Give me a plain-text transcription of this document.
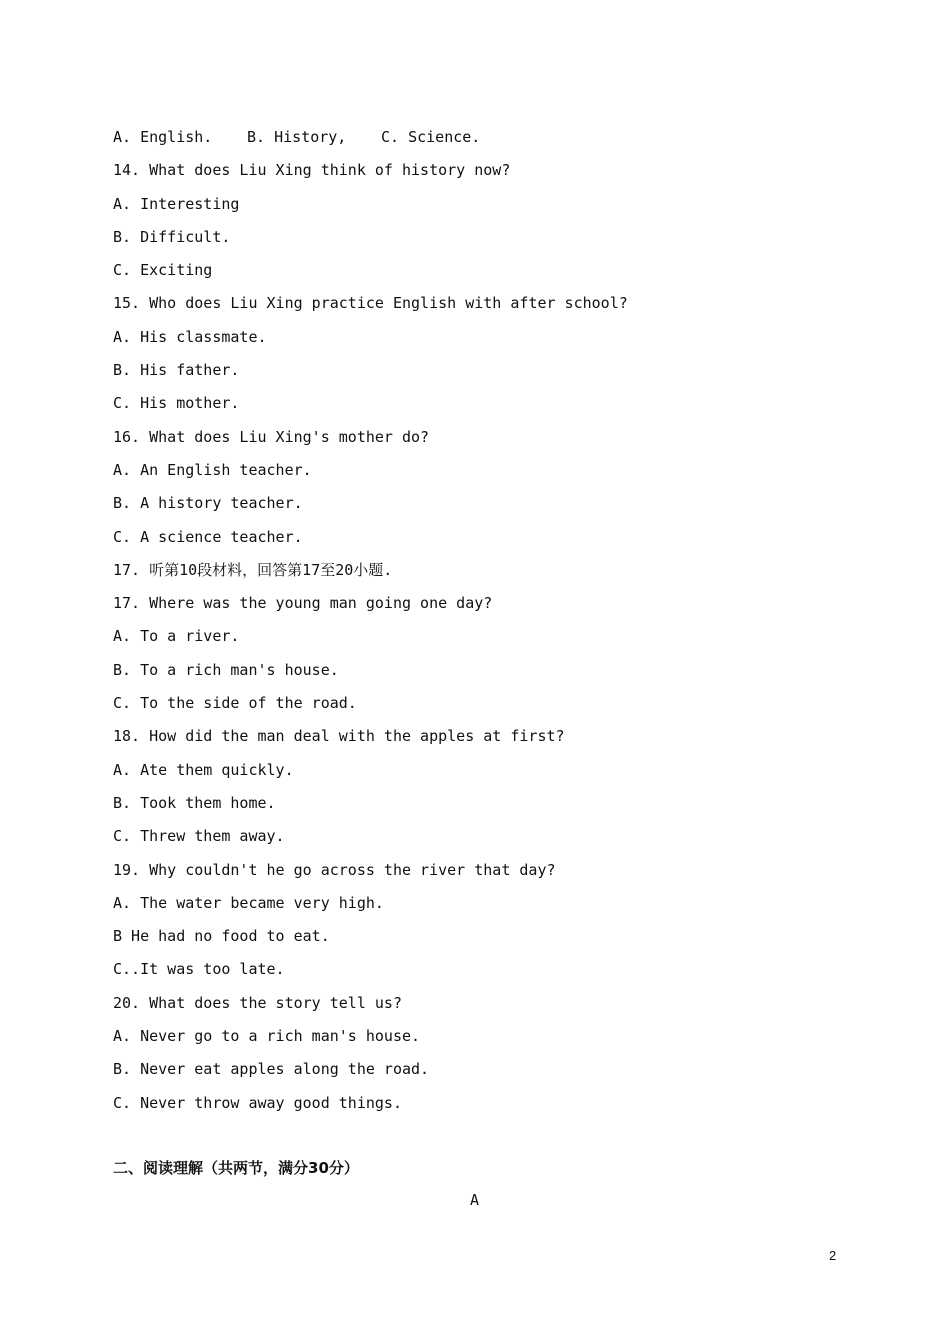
A. English.	B. History,	C. Science.
14. What does Liu Xing think of history now?
A. Interesting
B. Difficult.
C. Exciting
15. Who does Liu Xing practice English with after school?
A. His classmate.
B. His father.
C. His mother.
16. What does Liu Xing's mother do?
A. An English teacher.
B. A history teacher.
C. A science teacher.
17. 听第10段材料，回答第17至20小题.
17. Where was the young man going one day?
A. To a river.
B. To a rich man's house.
C. To the side of the road.
18. How did the man deal with the apples at first?
A. Ate them quickly.
B. Took them home.
C. Threw them away.
19. Why couldn't he go across the river that day?
A. The water became very high.
B He had no food to eat.
C..It was too late.
20. What does the story tell us?
A. Never go to a rich man's house.
B. Never eat apples along the road.
C. Never throw away good things.
二、阅读理解（共两节，满分30分）
A
2
